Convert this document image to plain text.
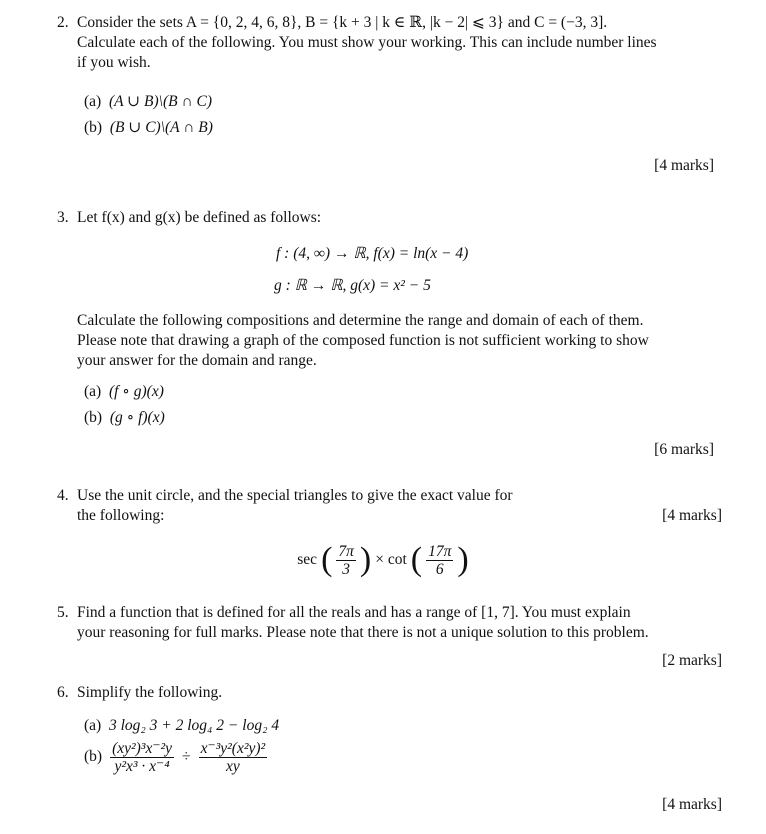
2. Consider the sets A = {0, 2, 4, 6, 8}, B = {k + 3 | k ∈ ℝ, |k − 2| ⩽ 3} and C = (−3, 3].
Calculate each of the following. You must show your working. This can include number lines
if you wish.
(a) (A ∪ B)\(B ∩ C)
(b) (B ∪ C)\(A ∩ B)
[4 marks]
3. Let f(x) and g(x) be defined as follows:
f : (4, ∞) → ℝ, f(x) = ln(x − 4)
g : ℝ → ℝ, g(x) = x² − 5
Calculate the following compositions and determine the range and domain of each of them.
Please note that drawing a graph of the composed function is not sufficient working to show
your answer for the domain and range.
(a) (f ∘ g)(x)
(b) (g ∘ f)(x)
[6 marks]
4. Use the unit circle, and the special triangles to give the exact value for
the following:	[4 marks]
sec ( $\frac{7\pi}{3}$ ) × cot ( $\frac{17\pi}{6}$ )
5. Find a function that is defined for all the reals and has a range of [1, 7]. You must explain
your reasoning for full marks. Please note that there is not a unique solution to this problem.
[2 marks]
6. Simplify the following.
(a) 3 log₂ 3 + 2 log₄ 2 − log₂ 4
$(b) \frac{\text{(xy²)³x⁻²y}}{\text{y²x³ · x⁻⁴}} \div \frac{\text{x⁻³y²(x²y)²}}{xy}$
[4 marks]
